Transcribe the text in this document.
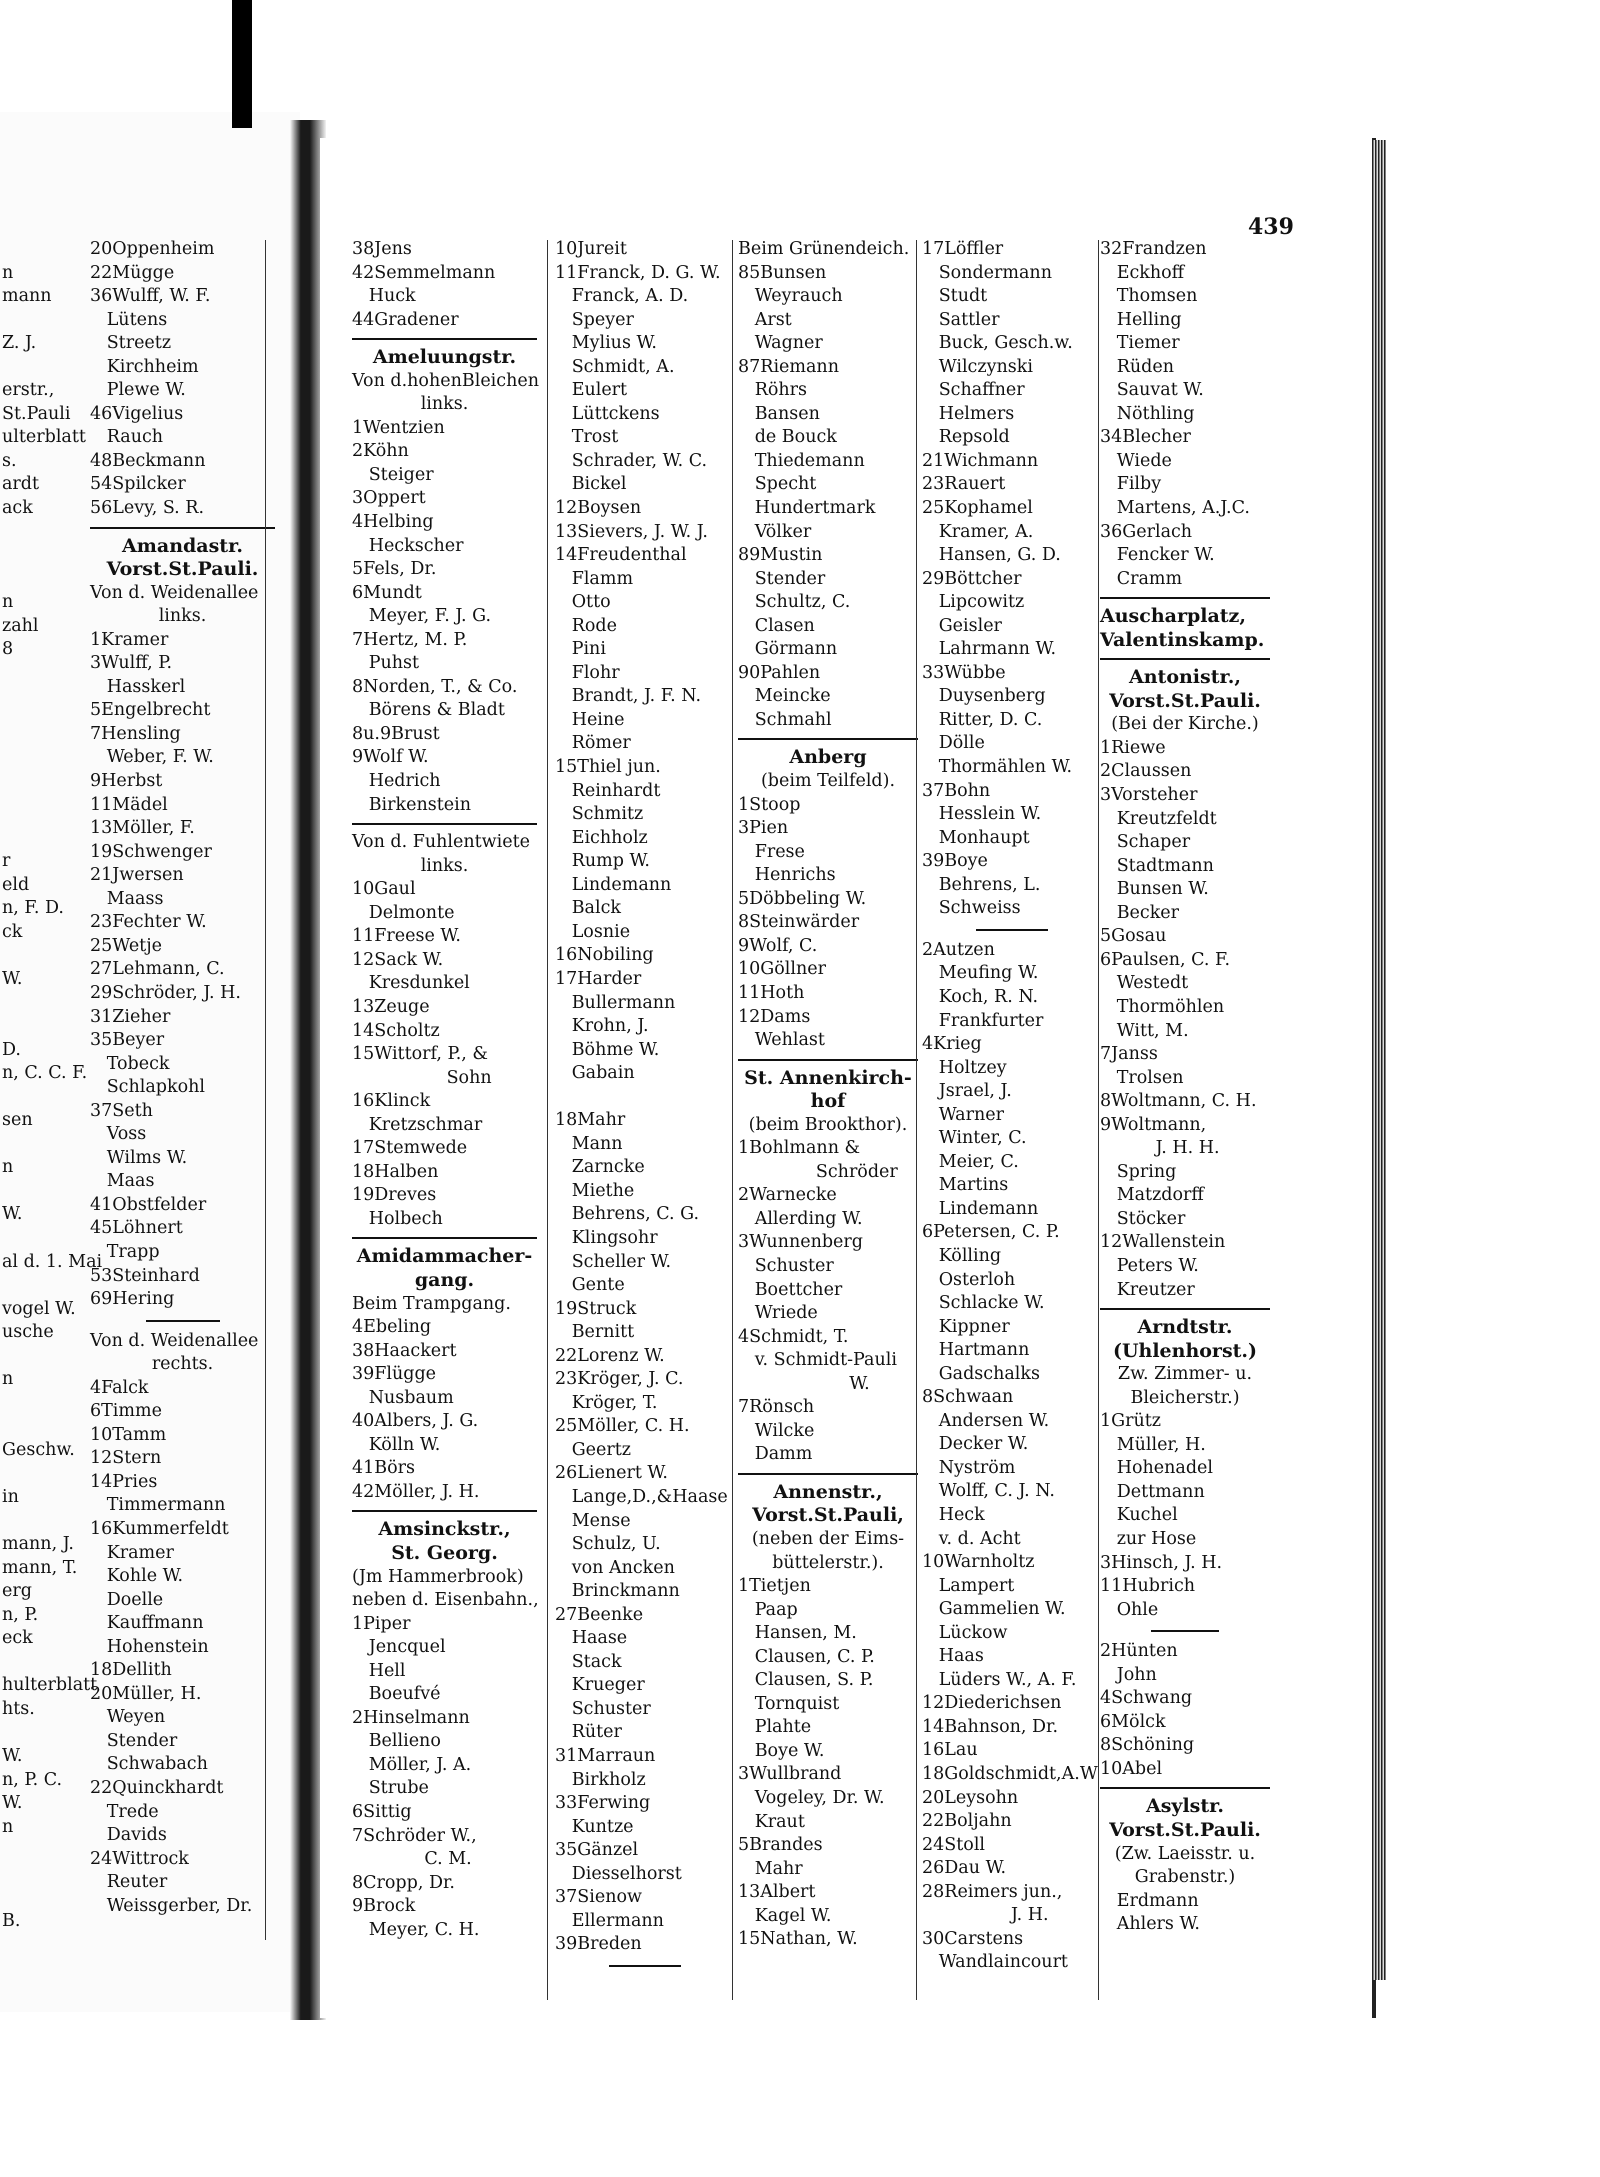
n
mann
Z. J.
erstr.,
St.Pauli
ulterblatt
s.
ardt
ack
n
zahl
8
r
eld
n, F. D.
ck
W.
D.
n, C. C. F.
sen
n
W.
al d. 1. Mai
vogel W.
usche
n
Geschw.
in
mann, J.
mann, T.
erg
n, P.
eck
hulterblatt
hts.
W.
n, P. C.
W.
n
B.
439
20Oppenheim
22Mügge
36Wulff, W. F.
Lütens
Streetz
Kirchheim
Plewe W.
46Vigelius
Rauch
48Beckmann
54Spilcker
56Levy, S. R.
Amandastr.
Vorst.St.Pauli.
Von d. Weidenallee
links.
1Kramer
3Wulff, P.
Hasskerl
5Engelbrecht
7Hensling
Weber, F. W.
9Herbst
11Mädel
13Möller, F.
19Schwenger
21Jwersen
Maass
23Fechter W.
25Wetje
27Lehmann, C.
29Schröder, J. H.
31Zieher
35Beyer
Tobeck
Schlapkohl
37Seth
Voss
Wilms W.
Maas
41Obstfelder
45Löhnert
Trapp
53Steinhard
69Hering
Von d. Weidenallee
rechts.
4Falck
6Timme
10Tamm
12Stern
14Pries
Timmermann
16Kummerfeldt
Kramer
Kohle W.
Doelle
Kauffmann
Hohenstein
18Dellith
20Müller, H.
Weyen
Stender
Schwabach
22Quinckhardt
Trede
Davids
24Wittrock
Reuter
Weissgerber, Dr.
38Jens
42Semmelmann
Huck
44Gradener
Ameluungstr.
Von d.hohenBleichen
links.
1Wentzien
2Köhn
Steiger
3Oppert
4Helbing
Heckscher
5Fels, Dr.
6Mundt
Meyer, F. J. G.
7Hertz, M. P.
Puhst
8Norden, T., & Co.
Börens & Bladt
8u.9Brust
9Wolf W.
Hedrich
Birkenstein
Von d. Fuhlentwiete
links.
10Gaul
Delmonte
11Freese W.
12Sack W.
Kresdunkel
13Zeuge
14Scholtz
15Wittorf, P., &
Sohn
16Klinck
Kretzschmar
17Stemwede
18Halben
19Dreves
Holbech
Amidammacher-
gang.
Beim Trampgang.
4Ebeling
38Haackert
39Flügge
Nusbaum
40Albers, J. G.
Kölln W.
41Börs
42Möller, J. H.
Amsinckstr.,
St. Georg.
(Jm Hammerbrook)
neben d. Eisenbahn.,
1Piper
Jencquel
Hell
Boeufvé
2Hinselmann
Bellieno
Möller, J. A.
Strube
6Sittig
7Schröder W.,
C. M.
8Cropp, Dr.
9Brock
Meyer, C. H.
10Jureit
11Franck, D. G. W.
Franck, A. D.
Speyer
Mylius W.
Schmidt, A.
Eulert
Lüttckens
Trost
Schrader, W. C.
Bickel
12Boysen
13Sievers, J. W. J.
14Freudenthal
Flamm
Otto
Rode
Pini
Flohr
Brandt, J. F. N.
Heine
Römer
15Thiel jun.
Reinhardt
Schmitz
Eichholz
Rump W.
Lindemann
Balck
Losnie
16Nobiling
17Harder
Bullermann
Krohn, J.
Böhme W.
Gabain
18Mahr
Mann
Zarncke
Miethe
Behrens, C. G.
Klingsohr
Scheller W.
Gente
19Struck
Bernitt
22Lorenz W.
23Kröger, J. C.
Kröger, T.
25Möller, C. H.
Geertz
26Lienert W.
Lange,D.,&Haase
Mense
Schulz, U.
von Ancken
Brinckmann
27Beenke
Haase
Stack
Krueger
Schuster
Rüter
31Marraun
Birkholz
33Ferwing
Kuntze
35Gänzel
Diesselhorst
37Sienow
Ellermann
39Breden
Beim Grünendeich.
85Bunsen
Weyrauch
Arst
Wagner
87Riemann
Röhrs
Bansen
de Bouck
Thiedemann
Specht
Hundertmark
Völker
89Mustin
Stender
Schultz, C.
Clasen
Görmann
90Pahlen
Meincke
Schmahl
Anberg
(beim Teilfeld).
1Stoop
3Pien
Frese
Henrichs
5Döbbeling W.
8Steinwärder
9Wolf, C.
10Göllner
11Hoth
12Dams
Wehlast
St. Annenkirch-
hof
(beim Brookthor).
1Bohlmann &
Schröder
2Warnecke
Allerding W.
3Wunnenberg
Schuster
Boettcher
Wriede
4Schmidt, T.
v. Schmidt-Pauli
W.
7Rönsch
Wilcke
Damm
Annenstr.,
Vorst.St.Pauli,
(neben der Eims-
büttelerstr.).
1Tietjen
Paap
Hansen, M.
Clausen, C. P.
Clausen, S. P.
Tornquist
Plahte
Boye W.
3Wullbrand
Vogeley, Dr. W.
Kraut
5Brandes
Mahr
13Albert
Kagel W.
15Nathan, W.
17Löffler
Sondermann
Studt
Sattler
Buck, Gesch.w.
Wilczynski
Schaffner
Helmers
Repsold
21Wichmann
23Rauert
25Kophamel
Kramer, A.
Hansen, G. D.
29Böttcher
Lipcowitz
Geisler
Lahrmann W.
33Wübbe
Duysenberg
Ritter, D. C.
Dölle
Thormählen W.
37Bohn
Hesslein W.
Monhaupt
39Boye
Behrens, L.
Schweiss
2Autzen
Meufing W.
Koch, R. N.
Frankfurter
4Krieg
Holtzey
Jsrael, J.
Warner
Winter, C.
Meier, C.
Martins
Lindemann
6Petersen, C. P.
Kölling
Osterloh
Schlacke W.
Kippner
Hartmann
Gadschalks
8Schwaan
Andersen W.
Decker W.
Nyström
Wolff, C. J. N.
Heck
v. d. Acht
10Warnholtz
Lampert
Gammelien W.
Lückow
Haas
Lüders W., A. F.
12Diederichsen
14Bahnson, Dr.
16Lau
18Goldschmidt,A.W
20Leysohn
22Boljahn
24Stoll
26Dau W.
28Reimers jun.,
J. H.
30Carstens
Wandlaincourt
32Frandzen
Eckhoff
Thomsen
Helling
Tiemer
Rüden
Sauvat W.
Nöthling
34Blecher
Wiede
Filby
Martens, A.J.C.
36Gerlach
Fencker W.
Cramm
Auscharplatz,
Valentinskamp.
Antonistr.,
Vorst.St.Pauli.
(Bei der Kirche.)
1Riewe
2Claussen
3Vorsteher
Kreutzfeldt
Schaper
Stadtmann
Bunsen W.
Becker
5Gosau
6Paulsen, C. F.
Westedt
Thormöhlen
Witt, M.
7Janss
Trolsen
8Woltmann, C. H.
9Woltmann,
J. H. H.
Spring
Matzdorff
Stöcker
12Wallenstein
Peters W.
Kreutzer
Arndtstr.
(Uhlenhorst.)
Zw. Zimmer- u.
Bleicherstr.)
1Grütz
Müller, H.
Hohenadel
Dettmann
Kuchel
zur Hose
3Hinsch, J. H.
11Hubrich
Ohle
2Hünten
John
4Schwang
6Mölck
8Schöning
10Abel
Asylstr.
Vorst.St.Pauli.
(Zw. Laeisstr. u.
Grabenstr.)
Erdmann
Ahlers W.
